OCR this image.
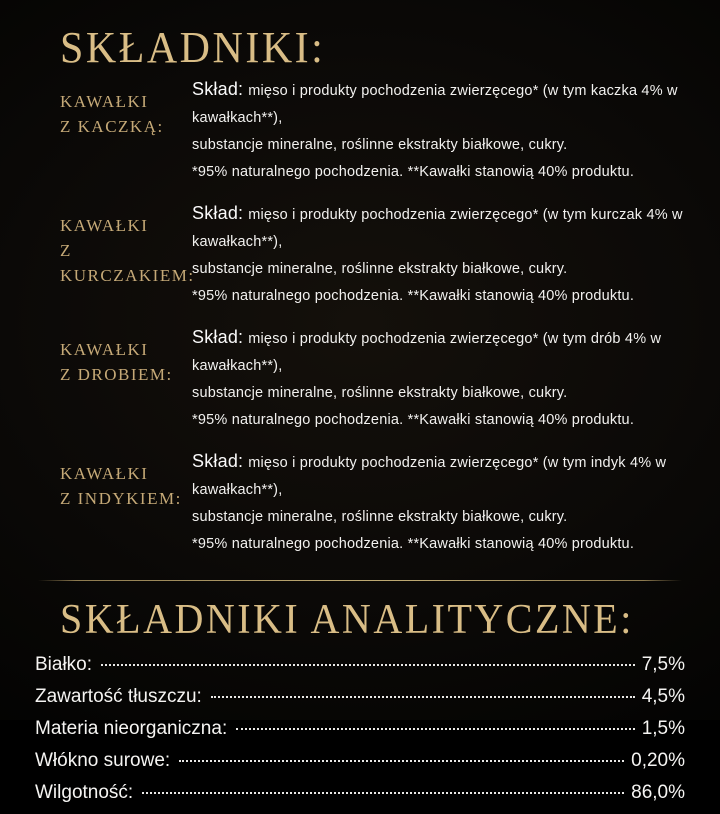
SKŁADNIKI:
KAWAŁKI
Z KACZKĄ:
Skład: mięso i produkty pochodzenia zwierzęcego* (w tym kaczka 4% w kawałkach**),
substancje mineralne, roślinne ekstrakty białkowe, cukry.
*95% naturalnego pochodzenia. **Kawałki stanowią 40% produktu.
KAWAŁKI
Z KURCZAKIEM:
Skład: mięso i produkty pochodzenia zwierzęcego* (w tym kurczak 4% w kawałkach**),
substancje mineralne, roślinne ekstrakty białkowe, cukry.
*95% naturalnego pochodzenia. **Kawałki stanowią 40% produktu.
KAWAŁKI
Z DROBIEM:
Skład: mięso i produkty pochodzenia zwierzęcego* (w tym drób 4% w kawałkach**),
substancje mineralne, roślinne ekstrakty białkowe, cukry.
*95% naturalnego pochodzenia. **Kawałki stanowią 40% produktu.
KAWAŁKI
Z INDYKIEM:
Skład: mięso i produkty pochodzenia zwierzęcego* (w tym indyk 4% w kawałkach**),
substancje mineralne, roślinne ekstrakty białkowe, cukry.
*95% naturalnego pochodzenia. **Kawałki stanowią 40% produktu.
SKŁADNIKI ANALITYCZNE:
Białko:	7,5%
Zawartość tłuszczu:	4,5%
Materia nieorganiczna:	1,5%
Włókno surowe:	0,20%
Wilgotność:	86,0%
